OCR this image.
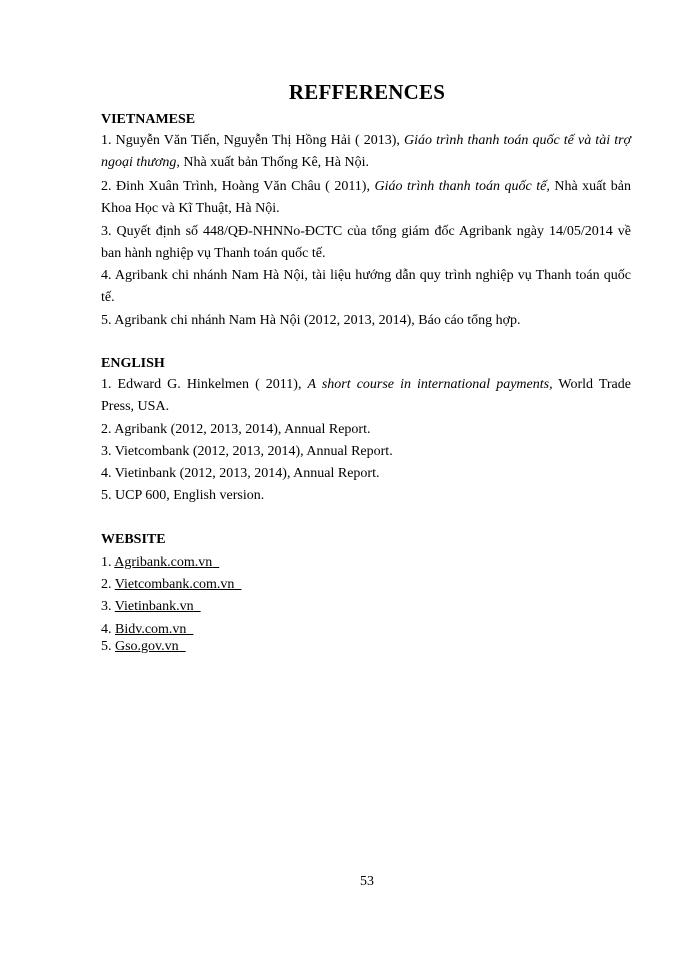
REFFERENCES
VIETNAMESE
1. Nguyễn Văn Tiến, Nguyễn Thị Hồng Hải ( 2013), Giáo trình thanh toán quốc tế và tài trợ ngoại thương, Nhà xuất bản Thống Kê, Hà Nội.
2. Đinh Xuân Trình, Hoàng Văn Châu ( 2011), Giáo trình thanh toán quốc tế, Nhà xuất bản Khoa Học và Kĩ Thuật, Hà Nội.
3. Quyết định số 448/QĐ-NHNNo-ĐCTC của tổng giám đốc Agribank ngày 14/05/2014 về ban hành nghiệp vụ Thanh toán quốc tế.
4. Agribank chi nhánh Nam Hà Nội, tài liệu hướng dẫn quy trình nghiệp vụ Thanh toán quốc tế.
5. Agribank chi nhánh Nam Hà Nội (2012, 2013, 2014), Báo cáo tổng hợp.
ENGLISH
1. Edward G. Hinkelmen ( 2011), A short course in international payments, World Trade Press, USA.
2. Agribank (2012, 2013, 2014), Annual Report.
3. Vietcombank (2012, 2013, 2014), Annual Report.
4. Vietinbank (2012, 2013, 2014), Annual Report.
5. UCP 600, English version.
WEBSITE
1. Agribank.com.vn
2. Vietcombank.com.vn
3. Vietinbank.vn
4. Bidv.com.vn
5. Gso.gov.vn
53
